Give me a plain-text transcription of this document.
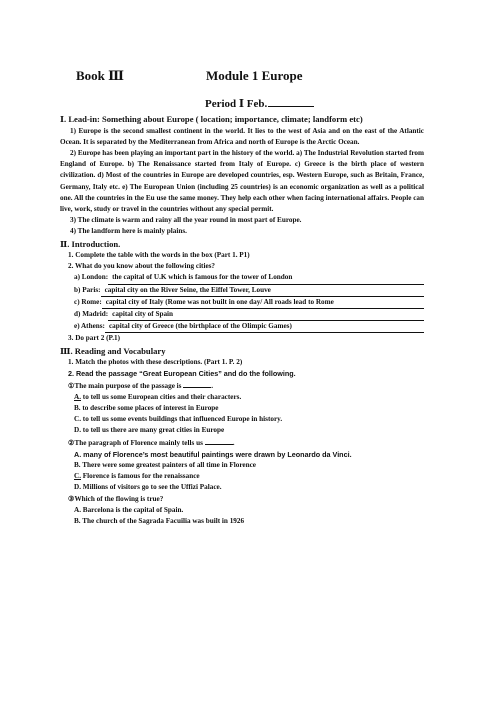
Book Ⅲ	Module 1 Europe
Period Ⅰ Feb.
Ⅰ. Lead-in: Something about Europe ( location; importance, climate; landform etc)
1) Europe is the second smallest continent in the world. It lies to the west of Asia and on the east of the Atlantic Ocean. It is separated by the Mediterranean from Africa and north of Europe is the Arctic Ocean.
2) Europe has been playing an important part in the history of the world. a) The Industrial Revolution started from England of Europe. b) The Renaissance started from Italy of Europe. c) Greece is the birth place of western civilization. d) Most of the countries in Europe are developed countries, esp. Western Europe, such as Britain, France, Germany, Italy etc. e) The European Union (including 25 countries) is an economic organization as well as a political one. All the countries in the Eu use the same money. They help each other when facing international affairs. People can live, work, study or travel in the countries without any special permit.
3) The climate is warm and rainy all the year round in most part of Europe.
4) The landform here is mainly plains.
Ⅱ. Introduction.
1. Complete the table with the words in the box (Part 1. P1)
2. What do you know about the following cities?
a) London: the capital of U.K which is famous for the tower of London
b) Paris: capital city on the River Seine, the Eiffel Tower, Louve
c) Rome: capital city of Italy (Rome was not built in one day/ All roads lead to Rome
d) Madrid: capital city of Spain
e) Athens: capital city of Greece (the birthplace of the Olimpic Games)
3. Do part 2 (P.1)
Ⅲ. Reading and Vocabulary
1. Match the photos with these descriptions. (Part 1. P. 2)
2. Read the passage “Great European Cities” and do the following.
①The main purpose of the passage is	.
A. to tell us some European cities and their characters.
B. to describe some places of interest in Europe
C. to tell us some events buildings that influenced Europe in history.
D. to tell us there are many great cities in Europe
②The paragraph of Florence mainly tells us	.
A. many of Florence’s most beautiful paintings were drawn by Leonardo da Vinci.
B. There were some greatest painters of all time in Florence
C. Florence is famous for the renaissance
D. Millions of visitors go to see the Uffizi Palace.
③Which of the flowing is true?
A. Barcelona is the capital of Spain.
B. The church of the Sagrada Facuilia was built in 1926
